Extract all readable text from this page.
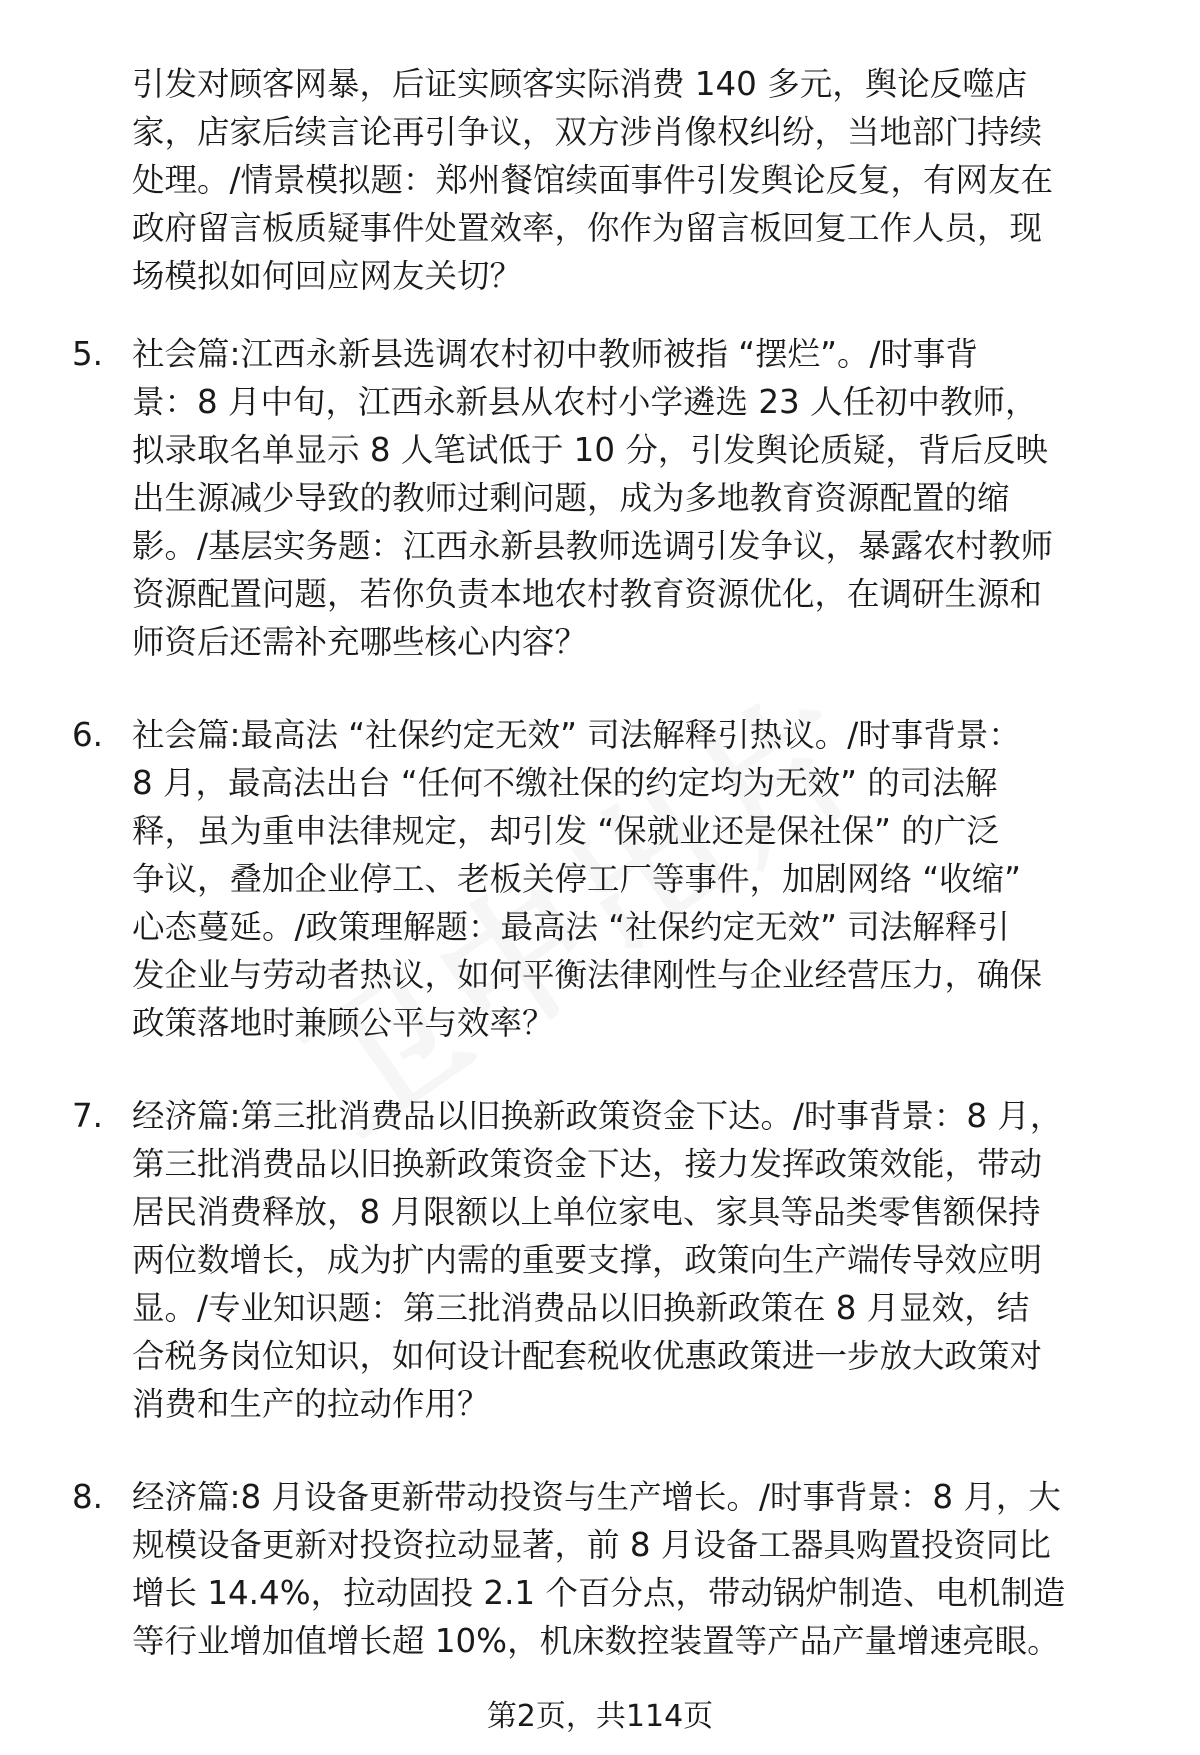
引发对顾客网暴，后证实顾客实际消费 140 多元，舆论反噬店
家，店家后续言论再引争议，双方涉肖像权纠纷，当地部门持续
处理。/情景模拟题：郑州餐馆续面事件引发舆论反复，有网友在
政府留言板质疑事件处置效率，你作为留言板回复工作人员，现
场模拟如何回应网友关切？
5. 社会篇:江西永新县选调农村初中教师被指 “摆烂”。/时事背
景：8 月中旬，江西永新县从农村小学遴选 23 人任初中教师，
拟录取名单显示 8 人笔试低于 10 分，引发舆论质疑，背后反映
出生源减少导致的教师过剩问题，成为多地教育资源配置的缩
影。/基层实务题：江西永新县教师选调引发争议，暴露农村教师
资源配置问题，若你负责本地农村教育资源优化，在调研生源和
师资后还需补充哪些核心内容？
6. 社会篇:最高法 “社保约定无效” 司法解释引热议。/时事背景：
8 月，最高法出台 “任何不缴社保的约定均为无效” 的司法解
释，虽为重申法律规定，却引发 “保就业还是保社保” 的广泛
争议，叠加企业停工、老板关停工厂等事件，加剧网络 “收缩”
心态蔓延。/政策理解题：最高法 “社保约定无效” 司法解释引
发企业与劳动者热议，如何平衡法律刚性与企业经营压力，确保
政策落地时兼顾公平与效率？
7. 经济篇:第三批消费品以旧换新政策资金下达。/时事背景：8 月，
第三批消费品以旧换新政策资金下达，接力发挥政策效能，带动
居民消费释放，8 月限额以上单位家电、家具等品类零售额保持
两位数增长，成为扩内需的重要支撑，政策向生产端传导效应明
显。/专业知识题：第三批消费品以旧换新政策在 8 月显效，结
合税务岗位知识，如何设计配套税收优惠政策进一步放大政策对
消费和生产的拉动作用？
8. 经济篇:8 月设备更新带动投资与生产增长。/时事背景：8 月，大
规模设备更新对投资拉动显著，前 8 月设备工器具购置投资同比
增长 14.4%，拉动固投 2.1 个百分点，带动锅炉制造、电机制造
等行业增加值增长超 10%，机床数控装置等产品产量增速亮眼。
第2页，共114页
